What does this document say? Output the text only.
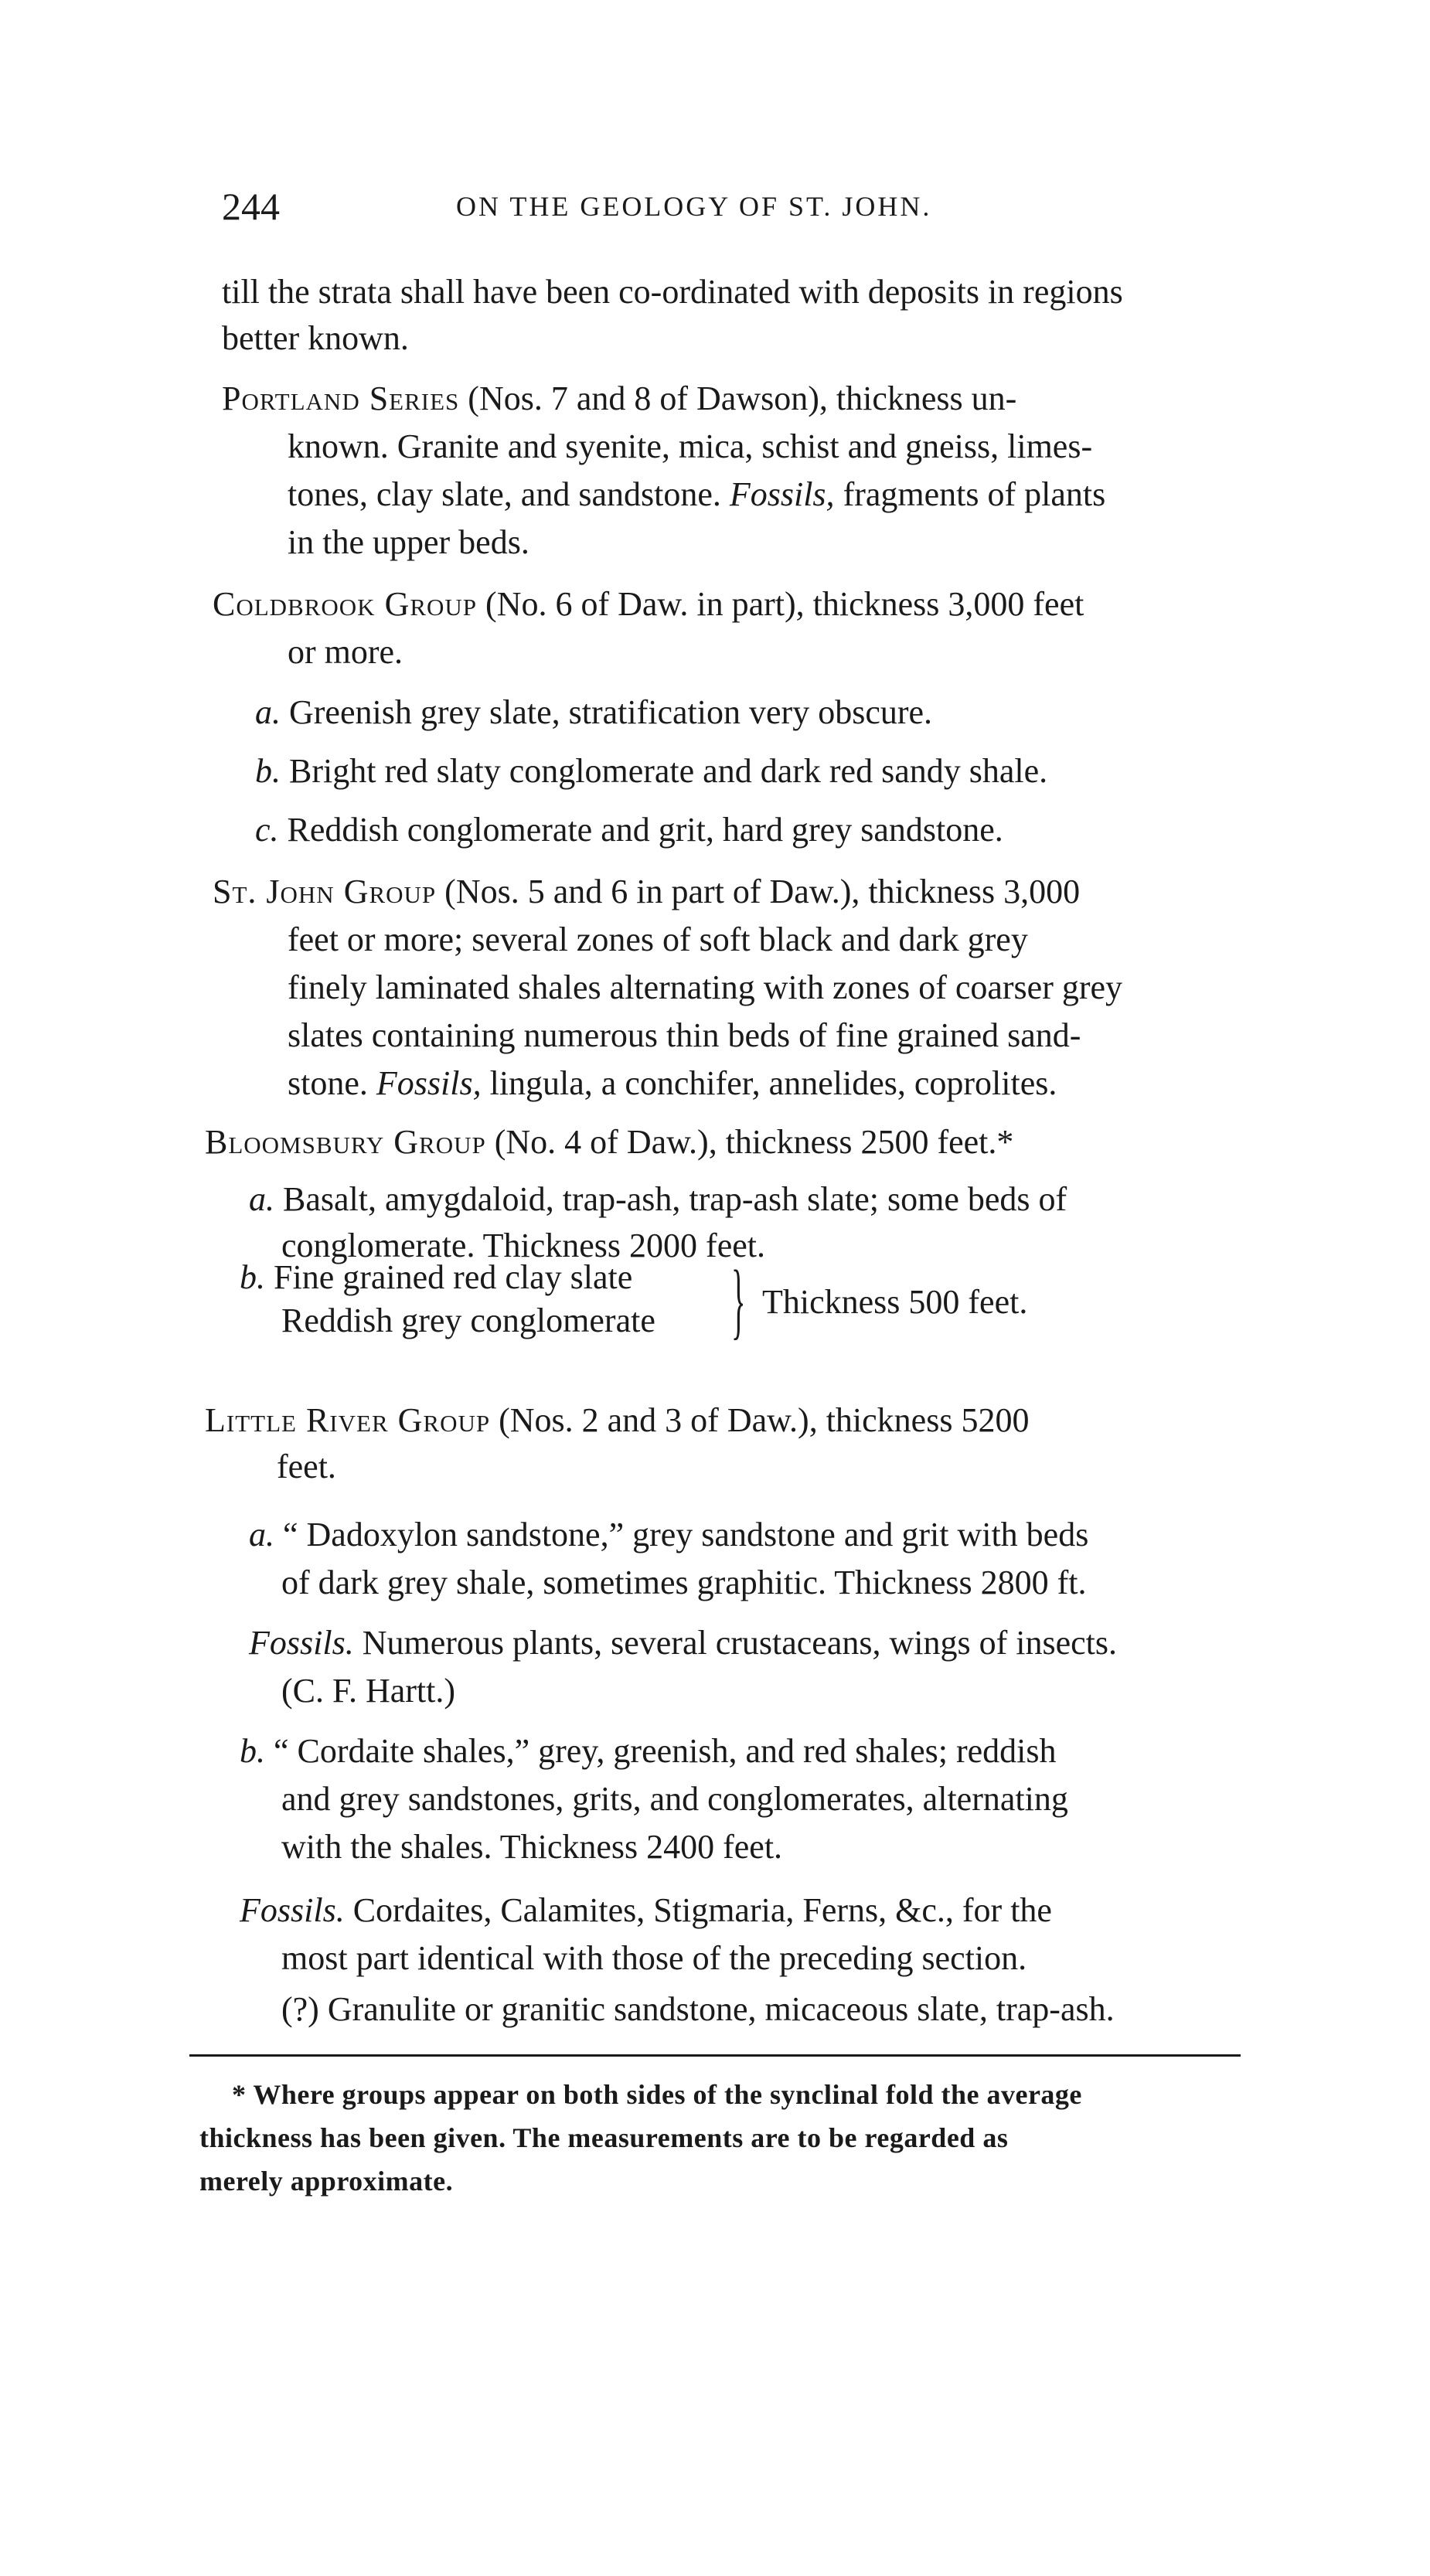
244	ON THE GEOLOGY OF ST. JOHN.
till the strata shall have been co-ordinated with deposits in regions
better known.
Portland Series (Nos. 7 and 8 of Dawson), thickness un-
known. Granite and syenite, mica, schist and gneiss, limes-
tones, clay slate, and sandstone. Fossils, fragments of plants
in the upper beds.
Coldbrook Group (No. 6 of Daw. in part), thickness 3,000 feet
or more.
a. Greenish grey slate, stratification very obscure.
b. Bright red slaty conglomerate and dark red sandy shale.
c. Reddish conglomerate and grit, hard grey sandstone.
St. John Group (Nos. 5 and 6 in part of Daw.), thickness 3,000
feet or more; several zones of soft black and dark grey
finely laminated shales alternating with zones of coarser grey
slates containing numerous thin beds of fine grained sand-
stone. Fossils, lingula, a conchifer, annelides, coprolites.
Bloomsbury Group (No. 4 of Daw.), thickness 2500 feet.*
a. Basalt, amygdaloid, trap-ash, trap-ash slate; some beds of
conglomerate. Thickness 2000 feet.
b. Fine grained red clay slate
Reddish grey conglomerate } Thickness 500 feet.
Little River Group (Nos. 2 and 3 of Daw.), thickness 5200
feet.
a. “ Dadoxylon sandstone,” grey sandstone and grit with beds
of dark grey shale, sometimes graphitic. Thickness 2800 ft.
Fossils. Numerous plants, several crustaceans, wings of insects.
(C. F. Hartt.)
b. “ Cordaite shales,” grey, greenish, and red shales; reddish
and grey sandstones, grits, and conglomerates, alternating
with the shales. Thickness 2400 feet.
Fossils. Cordaites, Calamites, Stigmaria, Ferns, &c., for the
most part identical with those of the preceding section.
(?) Granulite or granitic sandstone, micaceous slate, trap-ash.
* Where groups appear on both sides of the synclinal fold the average
thickness has been given. The measurements are to be regarded as
merely approximate.
